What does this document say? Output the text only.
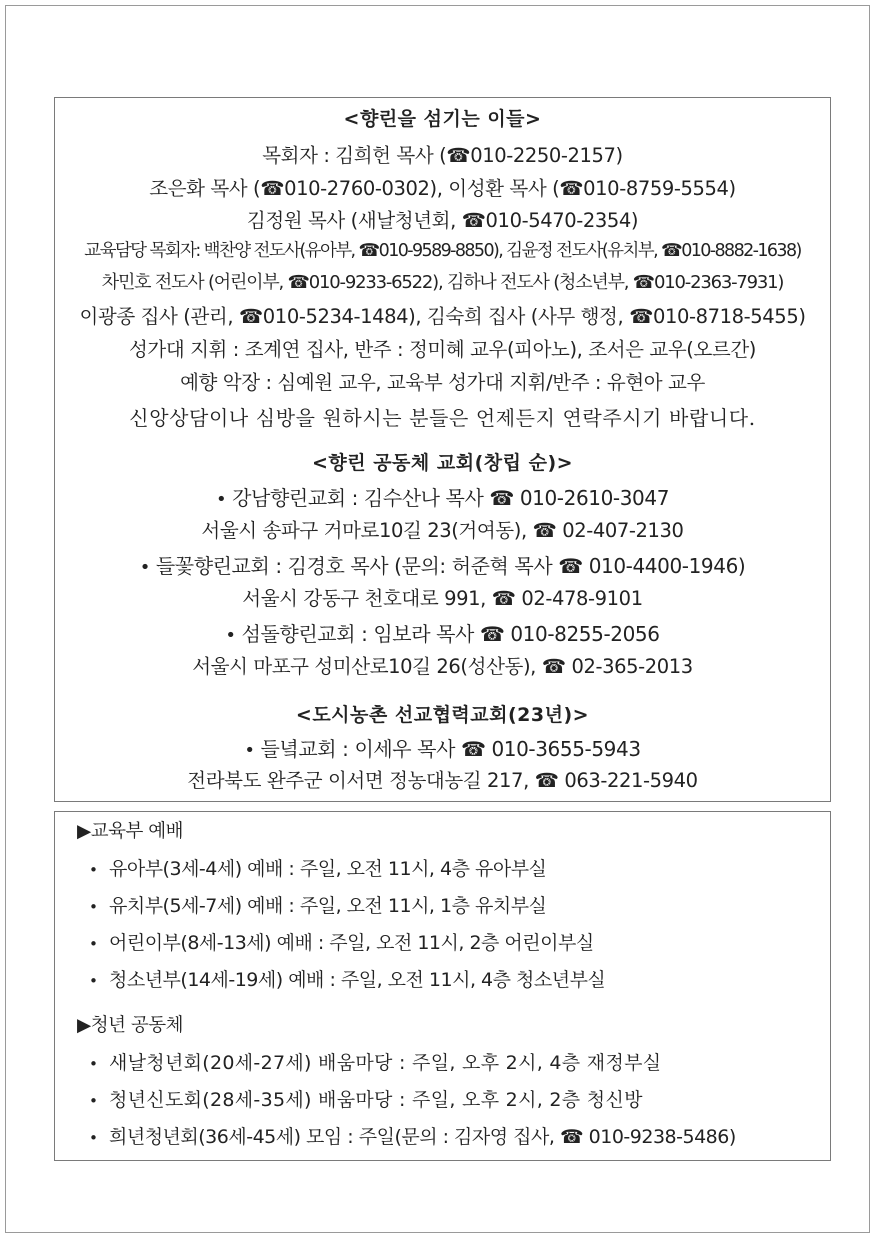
<향린을 섬기는 이들>
목회자 : 김희헌 목사 (☎010-2250-2157)
조은화 목사 (☎010-2760-0302), 이성환 목사 (☎010-8759-5554)
김정원 목사 (새날청년회, ☎010-5470-2354)
교육담당 목회자: 백찬양 전도사(유아부, ☎010-9589-8850), 김윤정 전도사(유치부, ☎010-8882-1638)
차민호 전도사 (어린이부, ☎010-9233-6522), 김하나 전도사 (청소년부, ☎010-2363-7931)
이광종 집사 (관리, ☎010-5234-1484), 김숙희 집사 (사무 행정, ☎010-8718-5455)
성가대 지휘 : 조계연 집사, 반주 : 정미혜 교우(피아노), 조서은 교우(오르간)
예향 악장 : 심예원 교우, 교육부 성가대 지휘/반주 : 유현아 교우
신앙상담이나 심방을 원하시는 분들은 언제든지 연락주시기 바랍니다.
<향린 공동체 교회(창립 순)>
• 강남향린교회 : 김수산나 목사 ☎ 010-2610-3047
서울시 송파구 거마로10길 23(거여동), ☎ 02-407-2130
• 들꽃향린교회 : 김경호 목사 (문의: 허준혁 목사 ☎ 010-4400-1946)
서울시 강동구 천호대로 991, ☎ 02-478-9101
• 섬돌향린교회 : 임보라 목사 ☎ 010-8255-2056
서울시 마포구 성미산로10길 26(성산동), ☎ 02-365-2013
<도시농촌 선교협력교회(23년)>
• 들녘교회 : 이세우 목사 ☎ 010-3655-5943
전라북도 완주군 이서면 정농대농길 217, ☎ 063-221-5940
▶교육부 예배
• 유아부(3세-4세) 예배 : 주일, 오전 11시, 4층 유아부실
• 유치부(5세-7세) 예배 : 주일, 오전 11시, 1층 유치부실
• 어린이부(8세-13세) 예배 : 주일, 오전 11시, 2층 어린이부실
• 청소년부(14세-19세) 예배 : 주일, 오전 11시, 4층 청소년부실
▶청년 공동체
• 새날청년회(20세-27세) 배움마당 : 주일, 오후 2시, 4층 재정부실
• 청년신도회(28세-35세) 배움마당 : 주일, 오후 2시, 2층 청신방
• 희년청년회(36세-45세) 모임 : 주일(문의 : 김자영 집사, ☎ 010-9238-5486)
